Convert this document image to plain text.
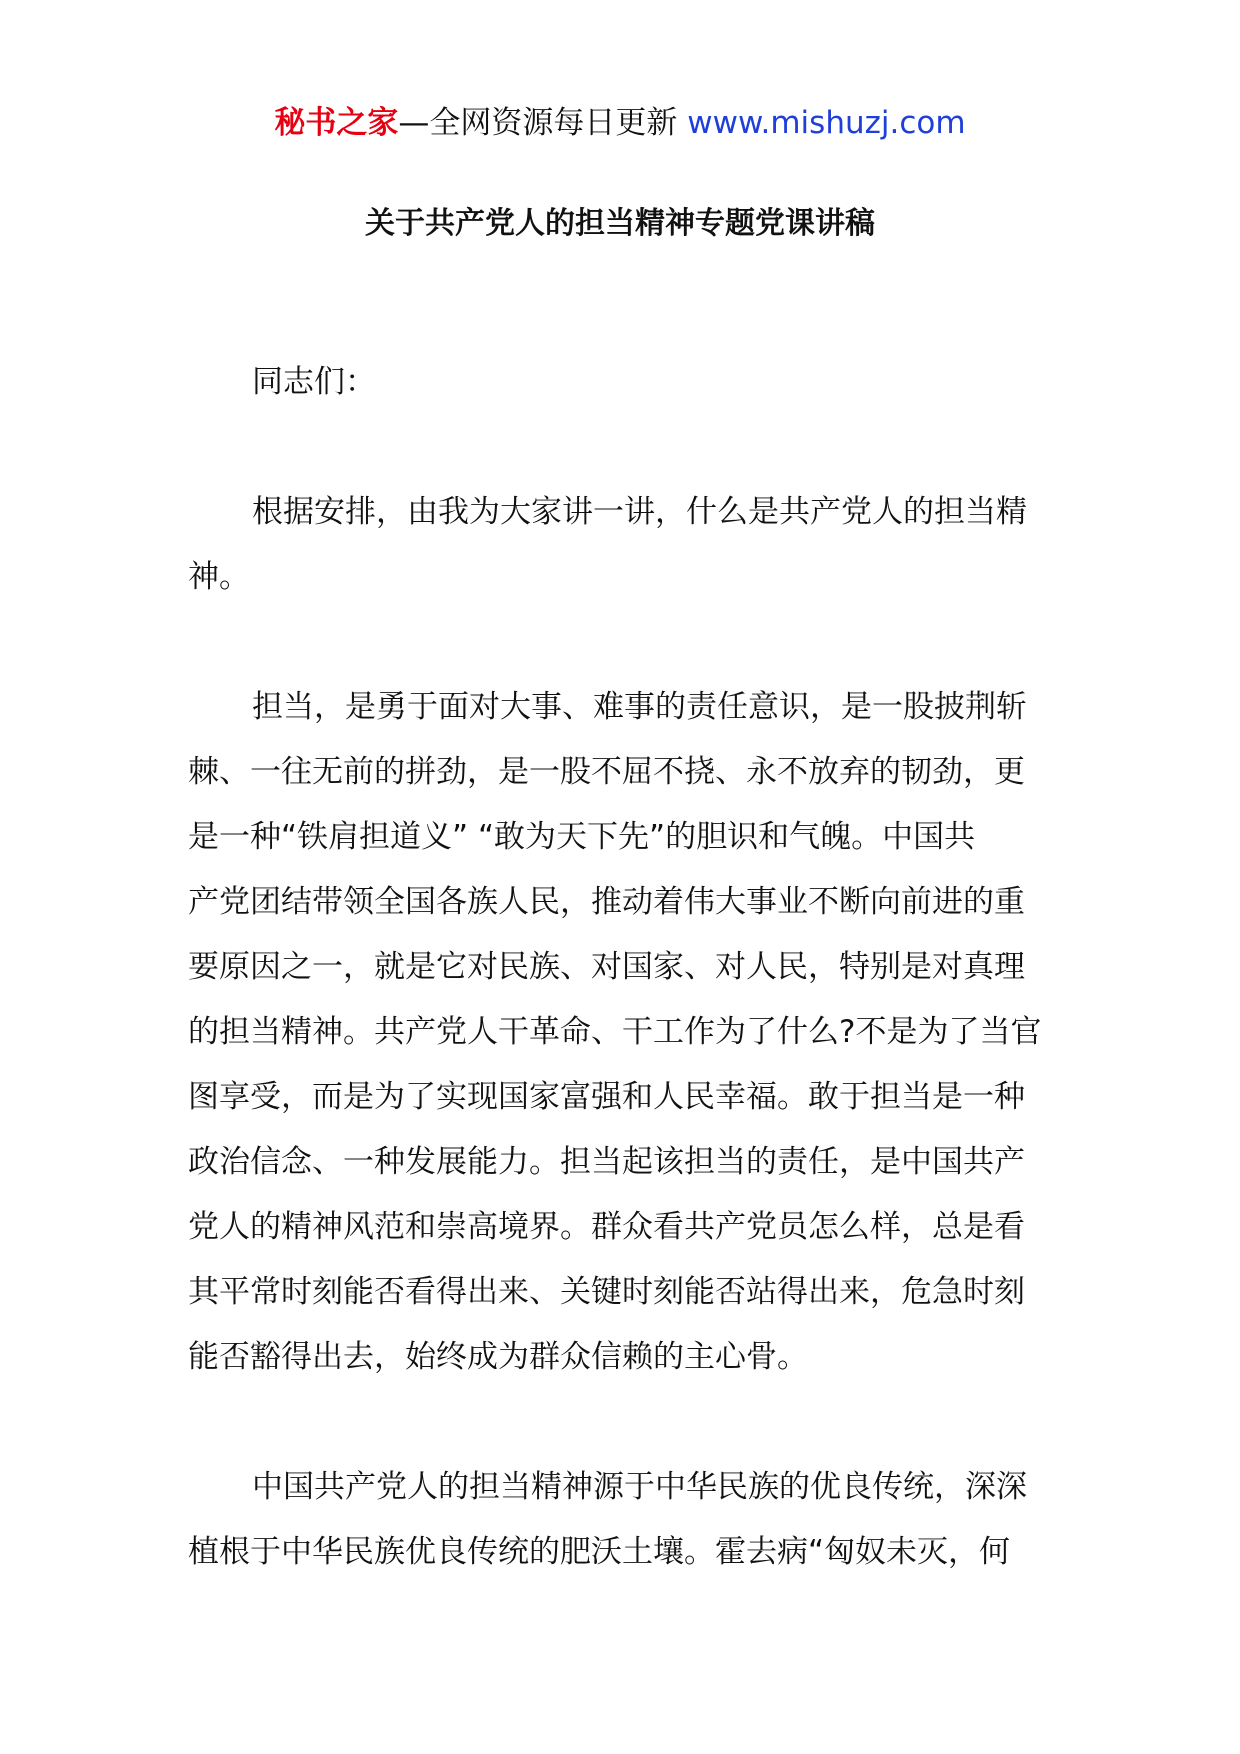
秘书之家—全网资源每日更新 www.mishuzj.com
关于共产党人的担当精神专题党课讲稿
同志们：
根据安排，由我为大家讲一讲，什么是共产党人的担当精
神。
担当，是勇于面对大事、难事的责任意识，是一股披荆斩
棘、一往无前的拼劲，是一股不屈不挠、永不放弃的韧劲，更
是一种“铁肩担道义” “敢为天下先”的胆识和气魄。中国共
产党团结带领全国各族人民，推动着伟大事业不断向前进的重
要原因之一，就是它对民族、对国家、对人民，特别是对真理
的担当精神。共产党人干革命、干工作为了什么?不是为了当官
图享受，而是为了实现国家富强和人民幸福。敢于担当是一种
政治信念、一种发展能力。担当起该担当的责任，是中国共产
党人的精神风范和崇高境界。群众看共产党员怎么样，总是看
其平常时刻能否看得出来、关键时刻能否站得出来，危急时刻
能否豁得出去，始终成为群众信赖的主心骨。
中国共产党人的担当精神源于中华民族的优良传统，深深
植根于中华民族优良传统的肥沃土壤。霍去病“匈奴未灭，何
